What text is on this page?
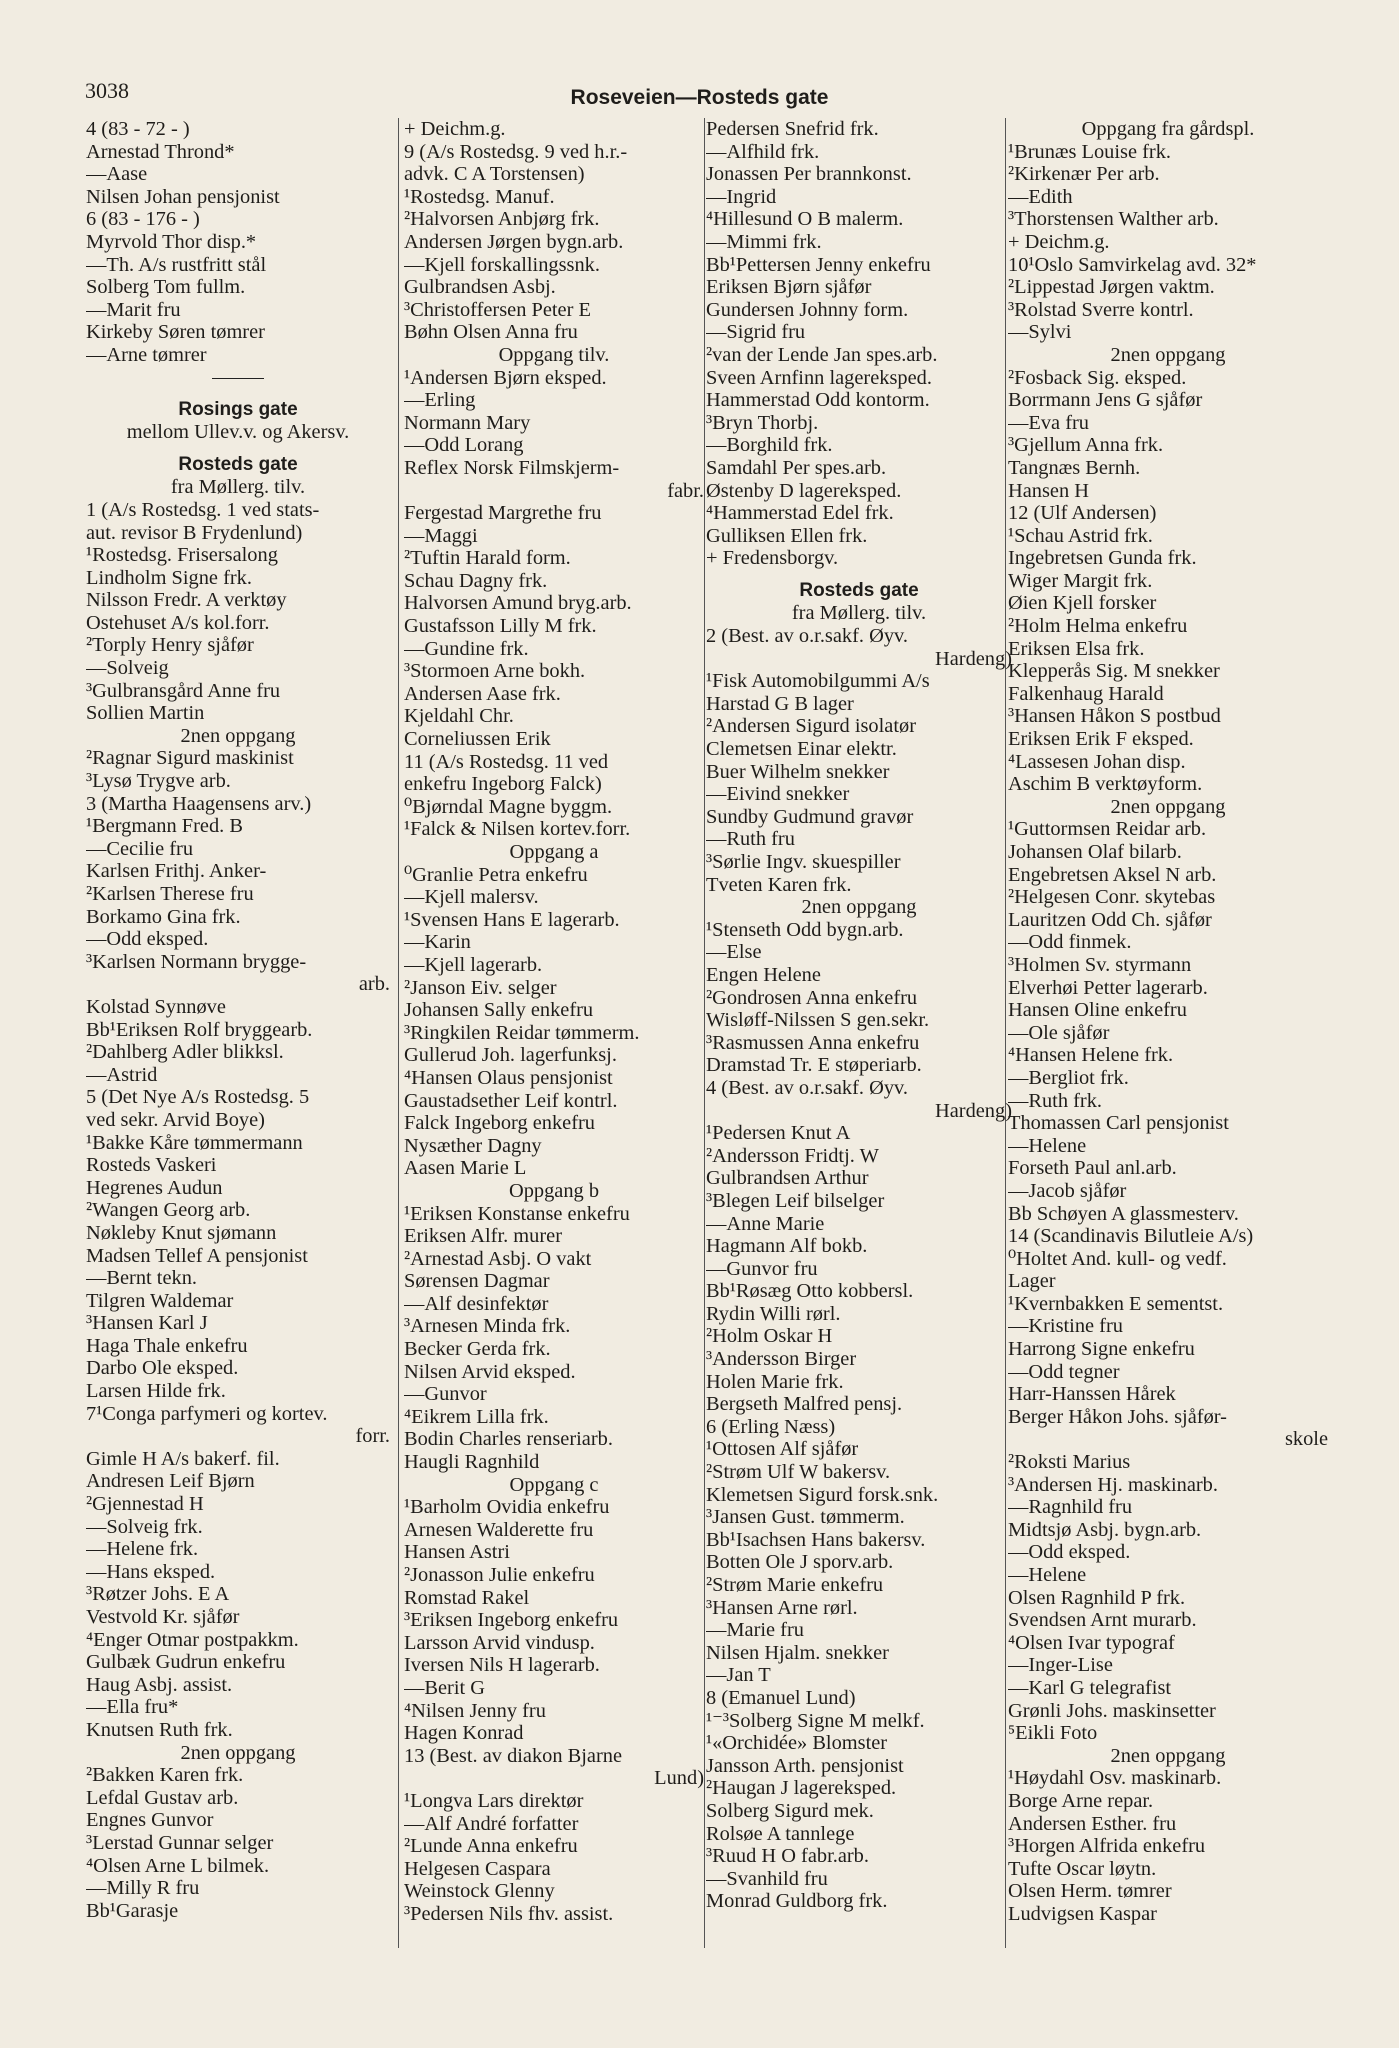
3038	Roseveien—Rosteds gate
4 (83 - 72 - )
Arnestad Thrond*
—Aase
Nilsen Johan pensjonist
6 (83 - 176 - )
Myrvold Thor disp.*
—Th. A/s rustfritt stål
Solberg Tom fullm.
—Marit fru
Kirkeby Søren tømrer
—Arne tømrer
Rosings gate
mellom Ullev.v. og Akersv.
Rosteds gate
fra Møllerg. tilv.
1 (A/s Rostedsg. 1 ved stats-
aut. revisor B Frydenlund)
¹Rostedsg. Frisersalong
Lindholm Signe frk.
Nilsson Fredr. A verktøy
Ostehuset A/s kol.forr.
²Torply Henry sjåfør
—Solveig
³Gulbransgård Anne fru
Sollien Martin
2nen oppgang
²Ragnar Sigurd maskinist
³Lysø Trygve arb.
3 (Martha Haagensens arv.)
¹Bergmann Fred. B
—Cecilie fru
Karlsen Frithj. Anker-
²Karlsen Therese fru
Borkamo Gina frk.
—Odd eksped.
³Karlsen Normann brygge-
arb.
Kolstad Synnøve
Bb¹Eriksen Rolf bryggearb.
²Dahlberg Adler blikksl.
—Astrid
5 (Det Nye A/s Rostedsg. 5
ved sekr. Arvid Boye)
¹Bakke Kåre tømmermann
Rosteds Vaskeri
Hegrenes Audun
²Wangen Georg arb.
Nøkleby Knut sjømann
Madsen Tellef A pensjonist
—Bernt tekn.
Tilgren Waldemar
³Hansen Karl J
Haga Thale enkefru
Darbo Ole eksped.
Larsen Hilde frk.
7¹Conga parfymeri og kortev.
forr.
Gimle H A/s bakerf. fil.
Andresen Leif Bjørn
²Gjennestad H
—Solveig frk.
—Helene frk.
—Hans eksped.
³Røtzer Johs. E A
Vestvold Kr. sjåfør
⁴Enger Otmar postpakkm.
Gulbæk Gudrun enkefru
Haug Asbj. assist.
—Ella fru*
Knutsen Ruth frk.
2nen oppgang
²Bakken Karen frk.
Lefdal Gustav arb.
Engnes Gunvor
³Lerstad Gunnar selger
⁴Olsen Arne L bilmek.
—Milly R fru
Bb¹Garasje
+ Deichm.g.
9 (A/s Rostedsg. 9 ved h.r.-
advk. C A Torstensen)
¹Rostedsg. Manuf.
²Halvorsen Anbjørg frk.
Andersen Jørgen bygn.arb.
—Kjell forskallingssnk.
Gulbrandsen Asbj.
³Christoffersen Peter E
Bøhn Olsen Anna fru
Oppgang tilv.
¹Andersen Bjørn eksped.
—Erling
Normann Mary
—Odd Lorang
Reflex Norsk Filmskjerm-
fabr.
Fergestad Margrethe fru
—Maggi
²Tuftin Harald form.
Schau Dagny frk.
Halvorsen Amund bryg.arb.
Gustafsson Lilly M frk.
—Gundine frk.
³Stormoen Arne bokh.
Andersen Aase frk.
Kjeldahl Chr.
Corneliussen Erik
11 (A/s Rostedsg. 11 ved
enkefru Ingeborg Falck)
⁰Bjørndal Magne byggm.
¹Falck & Nilsen kortev.forr.
Oppgang a
⁰Granlie Petra enkefru
—Kjell malersv.
¹Svensen Hans E lagerarb.
—Karin
—Kjell lagerarb.
²Janson Eiv. selger
Johansen Sally enkefru
³Ringkilen Reidar tømmerm.
Gullerud Joh. lagerfunksj.
⁴Hansen Olaus pensjonist
Gaustadsether Leif kontrl.
Falck Ingeborg enkefru
Nysæther Dagny
Aasen Marie L
Oppgang b
¹Eriksen Konstanse enkefru
Eriksen Alfr. murer
²Arnestad Asbj. O vakt
Sørensen Dagmar
—Alf desinfektør
³Arnesen Minda frk.
Becker Gerda frk.
Nilsen Arvid eksped.
—Gunvor
⁴Eikrem Lilla frk.
Bodin Charles renseriarb.
Haugli Ragnhild
Oppgang c
¹Barholm Ovidia enkefru
Arnesen Walderette fru
Hansen Astri
²Jonasson Julie enkefru
Romstad Rakel
³Eriksen Ingeborg enkefru
Larsson Arvid vindusp.
Iversen Nils H lagerarb.
—Berit G
⁴Nilsen Jenny fru
Hagen Konrad
13 (Best. av diakon Bjarne
Lund)
¹Longva Lars direktør
—Alf André forfatter
²Lunde Anna enkefru
Helgesen Caspara
Weinstock Glenny
³Pedersen Nils fhv. assist.
Pedersen Snefrid frk.
—Alfhild frk.
Jonassen Per brannkonst.
—Ingrid
⁴Hillesund O B malerm.
—Mimmi frk.
Bb¹Pettersen Jenny enkefru
Eriksen Bjørn sjåfør
Gundersen Johnny form.
—Sigrid fru
²van der Lende Jan spes.arb.
Sveen Arnfinn lagereksped.
Hammerstad Odd kontorm.
³Bryn Thorbj.
—Borghild frk.
Samdahl Per spes.arb.
Østenby D lagereksped.
⁴Hammerstad Edel frk.
Gulliksen Ellen frk.
+ Fredensborgv.
Rosteds gate
fra Møllerg. tilv.
2 (Best. av o.r.sakf. Øyv.
Hardeng)
¹Fisk Automobilgummi A/s
Harstad G B lager
²Andersen Sigurd isolatør
Clemetsen Einar elektr.
Buer Wilhelm snekker
—Eivind snekker
Sundby Gudmund gravør
—Ruth fru
³Sørlie Ingv. skuespiller
Tveten Karen frk.
2nen oppgang
¹Stenseth Odd bygn.arb.
—Else
Engen Helene
²Gondrosen Anna enkefru
Wisløff-Nilssen S gen.sekr.
³Rasmussen Anna enkefru
Dramstad Tr. E støperiarb.
4 (Best. av o.r.sakf. Øyv.
Hardeng)
¹Pedersen Knut A
²Andersson Fridtj. W
Gulbrandsen Arthur
³Blegen Leif bilselger
—Anne Marie
Hagmann Alf bokb.
—Gunvor fru
Bb¹Røsæg Otto kobbersl.
Rydin Willi rørl.
²Holm Oskar H
³Andersson Birger
Holen Marie frk.
Bergseth Malfred pensj.
6 (Erling Næss)
¹Ottosen Alf sjåfør
²Strøm Ulf W bakersv.
Klemetsen Sigurd forsk.snk.
³Jansen Gust. tømmerm.
Bb¹Isachsen Hans bakersv.
Botten Ole J sporv.arb.
²Strøm Marie enkefru
³Hansen Arne rørl.
—Marie fru
Nilsen Hjalm. snekker
—Jan T
8 (Emanuel Lund)
¹⁻³Solberg Signe M melkf.
¹«Orchidée» Blomster
Jansson Arth. pensjonist
²Haugan J lagereksped.
Solberg Sigurd mek.
Rolsøe A tannlege
³Ruud H O fabr.arb.
—Svanhild fru
Monrad Guldborg frk.
Oppgang fra gårdspl.
¹Brunæs Louise frk.
²Kirkenær Per arb.
—Edith
³Thorstensen Walther arb.
+ Deichm.g.
10¹Oslo Samvirkelag avd. 32*
²Lippestad Jørgen vaktm.
³Rolstad Sverre kontrl.
—Sylvi
2nen oppgang
²Fosback Sig. eksped.
Borrmann Jens G sjåfør
—Eva fru
³Gjellum Anna frk.
Tangnæs Bernh.
Hansen H
12 (Ulf Andersen)
¹Schau Astrid frk.
Ingebretsen Gunda frk.
Wiger Margit frk.
Øien Kjell forsker
²Holm Helma enkefru
Eriksen Elsa frk.
Klepperås Sig. M snekker
Falkenhaug Harald
³Hansen Håkon S postbud
Eriksen Erik F eksped.
⁴Lassesen Johan disp.
Aschim B verktøyform.
2nen oppgang
¹Guttormsen Reidar arb.
Johansen Olaf bilarb.
Engebretsen Aksel N arb.
²Helgesen Conr. skytebas
Lauritzen Odd Ch. sjåfør
—Odd finmek.
³Holmen Sv. styrmann
Elverhøi Petter lagerarb.
Hansen Oline enkefru
—Ole sjåfør
⁴Hansen Helene frk.
—Bergliot frk.
—Ruth frk.
Thomassen Carl pensjonist
—Helene
Forseth Paul anl.arb.
—Jacob sjåfør
Bb Schøyen A glassmesterv.
14 (Scandinavis Bilutleie A/s)
⁰Holtet And. kull- og vedf.
Lager
¹Kvernbakken E sementst.
—Kristine fru
Harrong Signe enkefru
—Odd tegner
Harr-Hanssen Hårek
Berger Håkon Johs. sjåfør-
skole
²Roksti Marius
³Andersen Hj. maskinarb.
—Ragnhild fru
Midtsjø Asbj. bygn.arb.
—Odd eksped.
—Helene
Olsen Ragnhild P frk.
Svendsen Arnt murarb.
⁴Olsen Ivar typograf
—Inger-Lise
—Karl G telegrafist
Grønli Johs. maskinsetter
⁵Eikli Foto
2nen oppgang
¹Høydahl Osv. maskinarb.
Borge Arne repar.
Andersen Esther. fru
³Horgen Alfrida enkefru
Tufte Oscar løytn.
Olsen Herm. tømrer
Ludvigsen Kaspar
